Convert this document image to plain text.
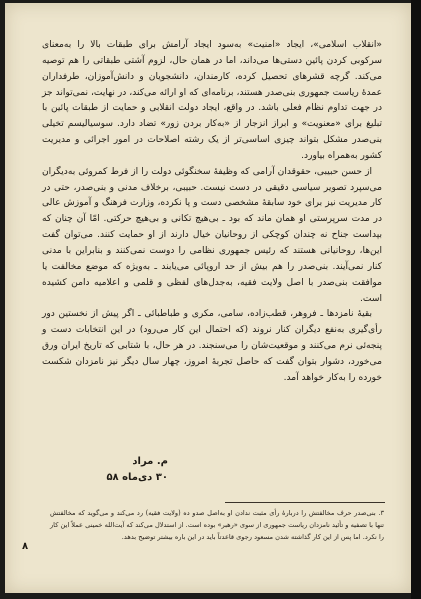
«انقلاب اسلامی»، ایجاد «امنیت» به‌سود ایجاد آرامش برای طبقات بالا را به‌معنای سرکوبی کردن پائین دستی‌ها می‌داند، اما در همان حال، لزوم آشتی طبقاتی را هم توصیه می‌کند. گرچه قشرهای تحصیل کرده، کارمندان، دانشجویان و دانش‌آموزان، طرفداران عمدۀ ریاست جمهوری بنی‌صدر هستند، برنامه‌ای که او ارائه می‌کند، در نهایت، نمی‌تواند جز در جهت تداوم نظام فعلی باشد. در واقع، ایجاد دولت انقلابی و حمایت از طبقات پائین با تبلیغ برای «معنویت» و ابراز انزجار از «به‌کار بردن زور» تضاد دارد. سوسیالیسم تخیلی بنی‌صدر مشکل بتواند چیزی اساسی‌تر از یک رشته اصلاحات در امور اجرائی و مدیریت کشور به‌همراه بیاورد.

از حسن حبیبی، حقوقدان آرامی که وظیفۀ سخنگوئی دولت را از فرط کمروئی به‌دیگران می‌سپرد تصویر سیاسی دقیقی در دست نیست. حبیبی، برخلاف مدنی و بنی‌صدر، حتی در کار مدیریت نیز برای خود سابقۀ مشخصی دست و پا نکرده، وزارت فرهنگ و آموزش عالی در مدت سرپرستی او همان ماند که بود ـ بی‌هیچ تکانی و بی‌هیچ حرکتی. امّا آن چنان که بپداست جناح نه چندان کوچکی از روحانیان خیال دارند از او حمایت کنند. می‌توان گفت این‌ها، روحانیانی هستند که رئیس جمهوری نظامی را دوست نمی‌کنند و بنابراین با مدنی کنار نمی‌آیند. بنی‌صدر را هم بیش از حد اروپائی می‌یابند ـ به‌ویژه که موضع مخالفت یا موافقت بنی‌صدر با اصل ولایت فقیه، به‌جدل‌های لفظی و قلمی و اعلامیه دامن کشیده است.

بقیۀ نامزدها ـ فروهر، قطب‌زاده، سامی، مکری و طباطبائی ـ اگر پیش از نخستین دور رأی‌گیری به‌نفع دیگران کنار نروند (که احتمال این کار می‌رود) در این انتخابات دست و پنجه‌ئی نرم می‌کنند و موقعیت‌شان را می‌سنجند. در هر حال، با شتابی که تاریخ ایران ورق می‌خورد، دشوار بتوان گفت که حاصل تجربۀ امروز، چهار سال دیگر نیز نامزدان شکست خورده را به‌کار خواهد آمد.

م. مراد
۳۰ دی‌ماه ۵۸
۳. بنی‌صدر حرف مخالفتش را دربارۀ رأی مثبت ندادن او به‌اصل صدو ده (ولایت فقیه) رد می‌کند و می‌گوید که مخالفتش تنها با تصفیه و تأئید نامزدان ریاست جمهوری از سوی «رهبر» بوده است. از استدلال می‌کند که آیت‌الله خمینی عملاً این کار را نکرد. اما پس از این کار گذاشته شدن مسعود رجوی قاعدتاً باید در این باره بیشتر توضیح بدهد.
۸
